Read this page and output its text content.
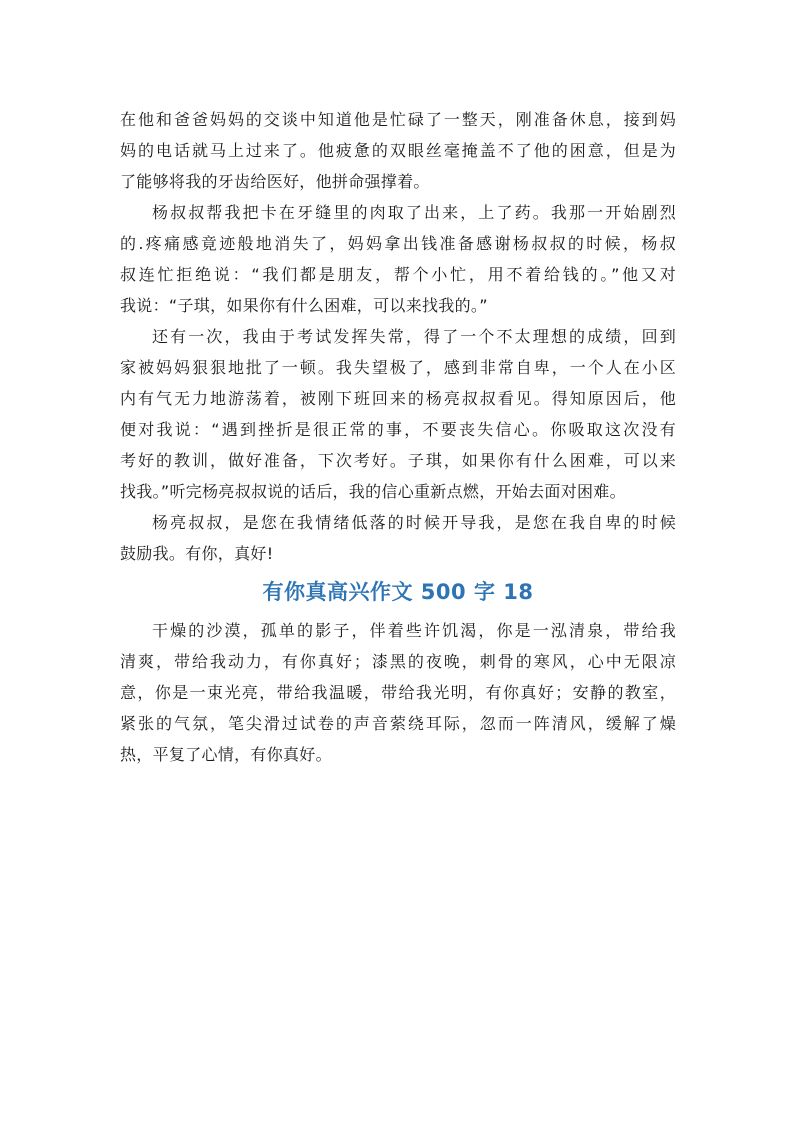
在他和爸爸妈妈的交谈中知道他是忙碌了一整天，刚准备休息，接到妈
妈的电话就马上过来了。他疲惫的双眼丝毫掩盖不了他的困意，但是为
了能够将我的牙齿给医好，他拼命强撑着。
杨叔叔帮我把卡在牙缝里的肉取了出来，上了药。我那一开始剧烈
的.疼痛感竟迹般地消失了，妈妈拿出钱准备感谢杨叔叔的时候，杨叔
叔连忙拒绝说：“我们都是朋友，帮个小忙，用不着给钱的。”他又对
我说：“子琪，如果你有什么困难，可以来找我的。”
还有一次，我由于考试发挥失常，得了一个不太理想的成绩，回到
家被妈妈狠狠地批了一顿。我失望极了，感到非常自卑，一个人在小区
内有气无力地游荡着，被刚下班回来的杨亮叔叔看见。得知原因后，他
便对我说：“遇到挫折是很正常的事，不要丧失信心。你吸取这次没有
考好的教训，做好准备，下次考好。子琪，如果你有什么困难，可以来
找我。”听完杨亮叔叔说的话后，我的信心重新点燃，开始去面对困难。
杨亮叔叔，是您在我情绪低落的时候开导我，是您在我自卑的时候
鼓励我。有你，真好!
有你真高兴作文 500 字 18
干燥的沙漠，孤单的影子，伴着些许饥渴，你是一泓清泉，带给我
清爽，带给我动力，有你真好；漆黑的夜晚，刺骨的寒风，心中无限凉
意，你是一束光亮，带给我温暖，带给我光明，有你真好；安静的教室，
紧张的气氛，笔尖滑过试卷的声音萦绕耳际，忽而一阵清风，缓解了燥
热，平复了心情，有你真好。
